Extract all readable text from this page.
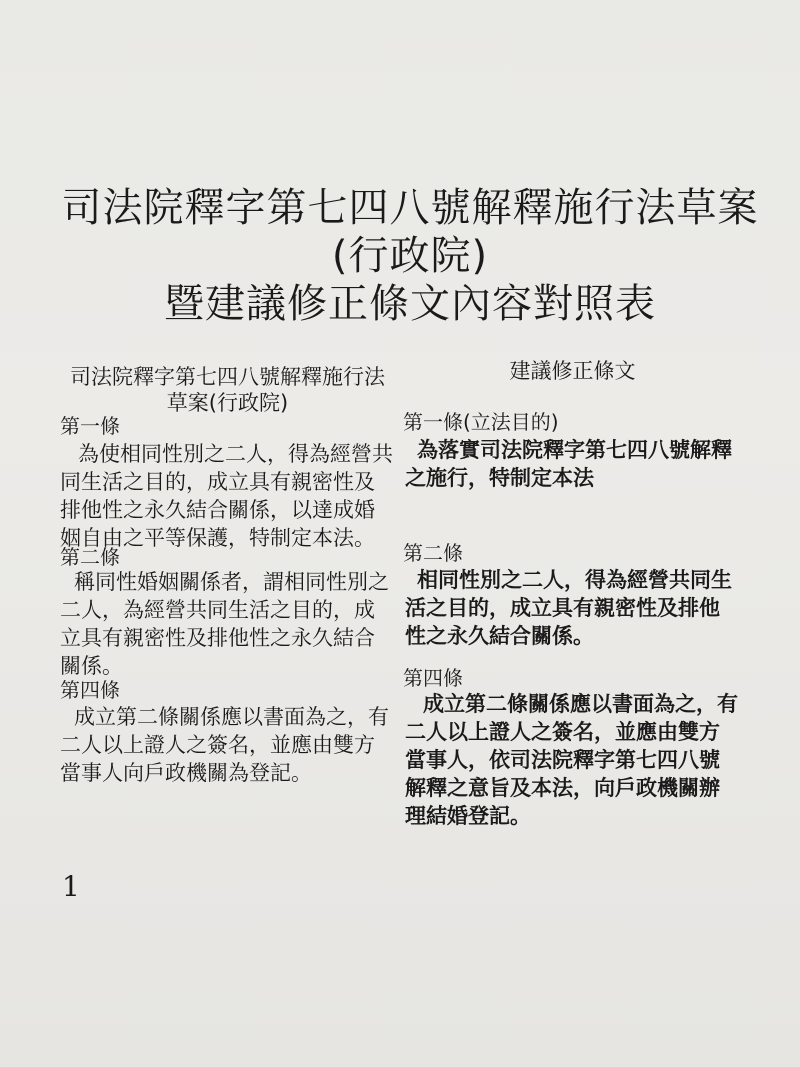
司法院釋字第七四八號解釋施行法草案
(行政院)
暨建議修正條文內容對照表
司法院釋字第七四八號解釋施行法
草案(行政院)
建議修正條文
第一條
為使相同性別之二人，得為經營共
同生活之目的，成立具有親密性及
排他性之永久結合關係，以達成婚
姻自由之平等保護，特制定本法。
第二條
稱同性婚姻關係者，謂相同性別之
二人，為經營共同生活之目的，成
立具有親密性及排他性之永久結合
關係。
第四條
成立第二條關係應以書面為之，有
二人以上證人之簽名，並應由雙方
當事人向戶政機關為登記。
第一條(立法目的)
為落實司法院釋字第七四八號解釋
之施行，特制定本法
第二條
相同性別之二人，得為經營共同生
活之目的，成立具有親密性及排他
性之永久結合關係。
第四條
成立第二條關係應以書面為之，有
二人以上證人之簽名，並應由雙方
當事人，依司法院釋字第七四八號
解釋之意旨及本法，向戶政機關辦
理結婚登記。
1
